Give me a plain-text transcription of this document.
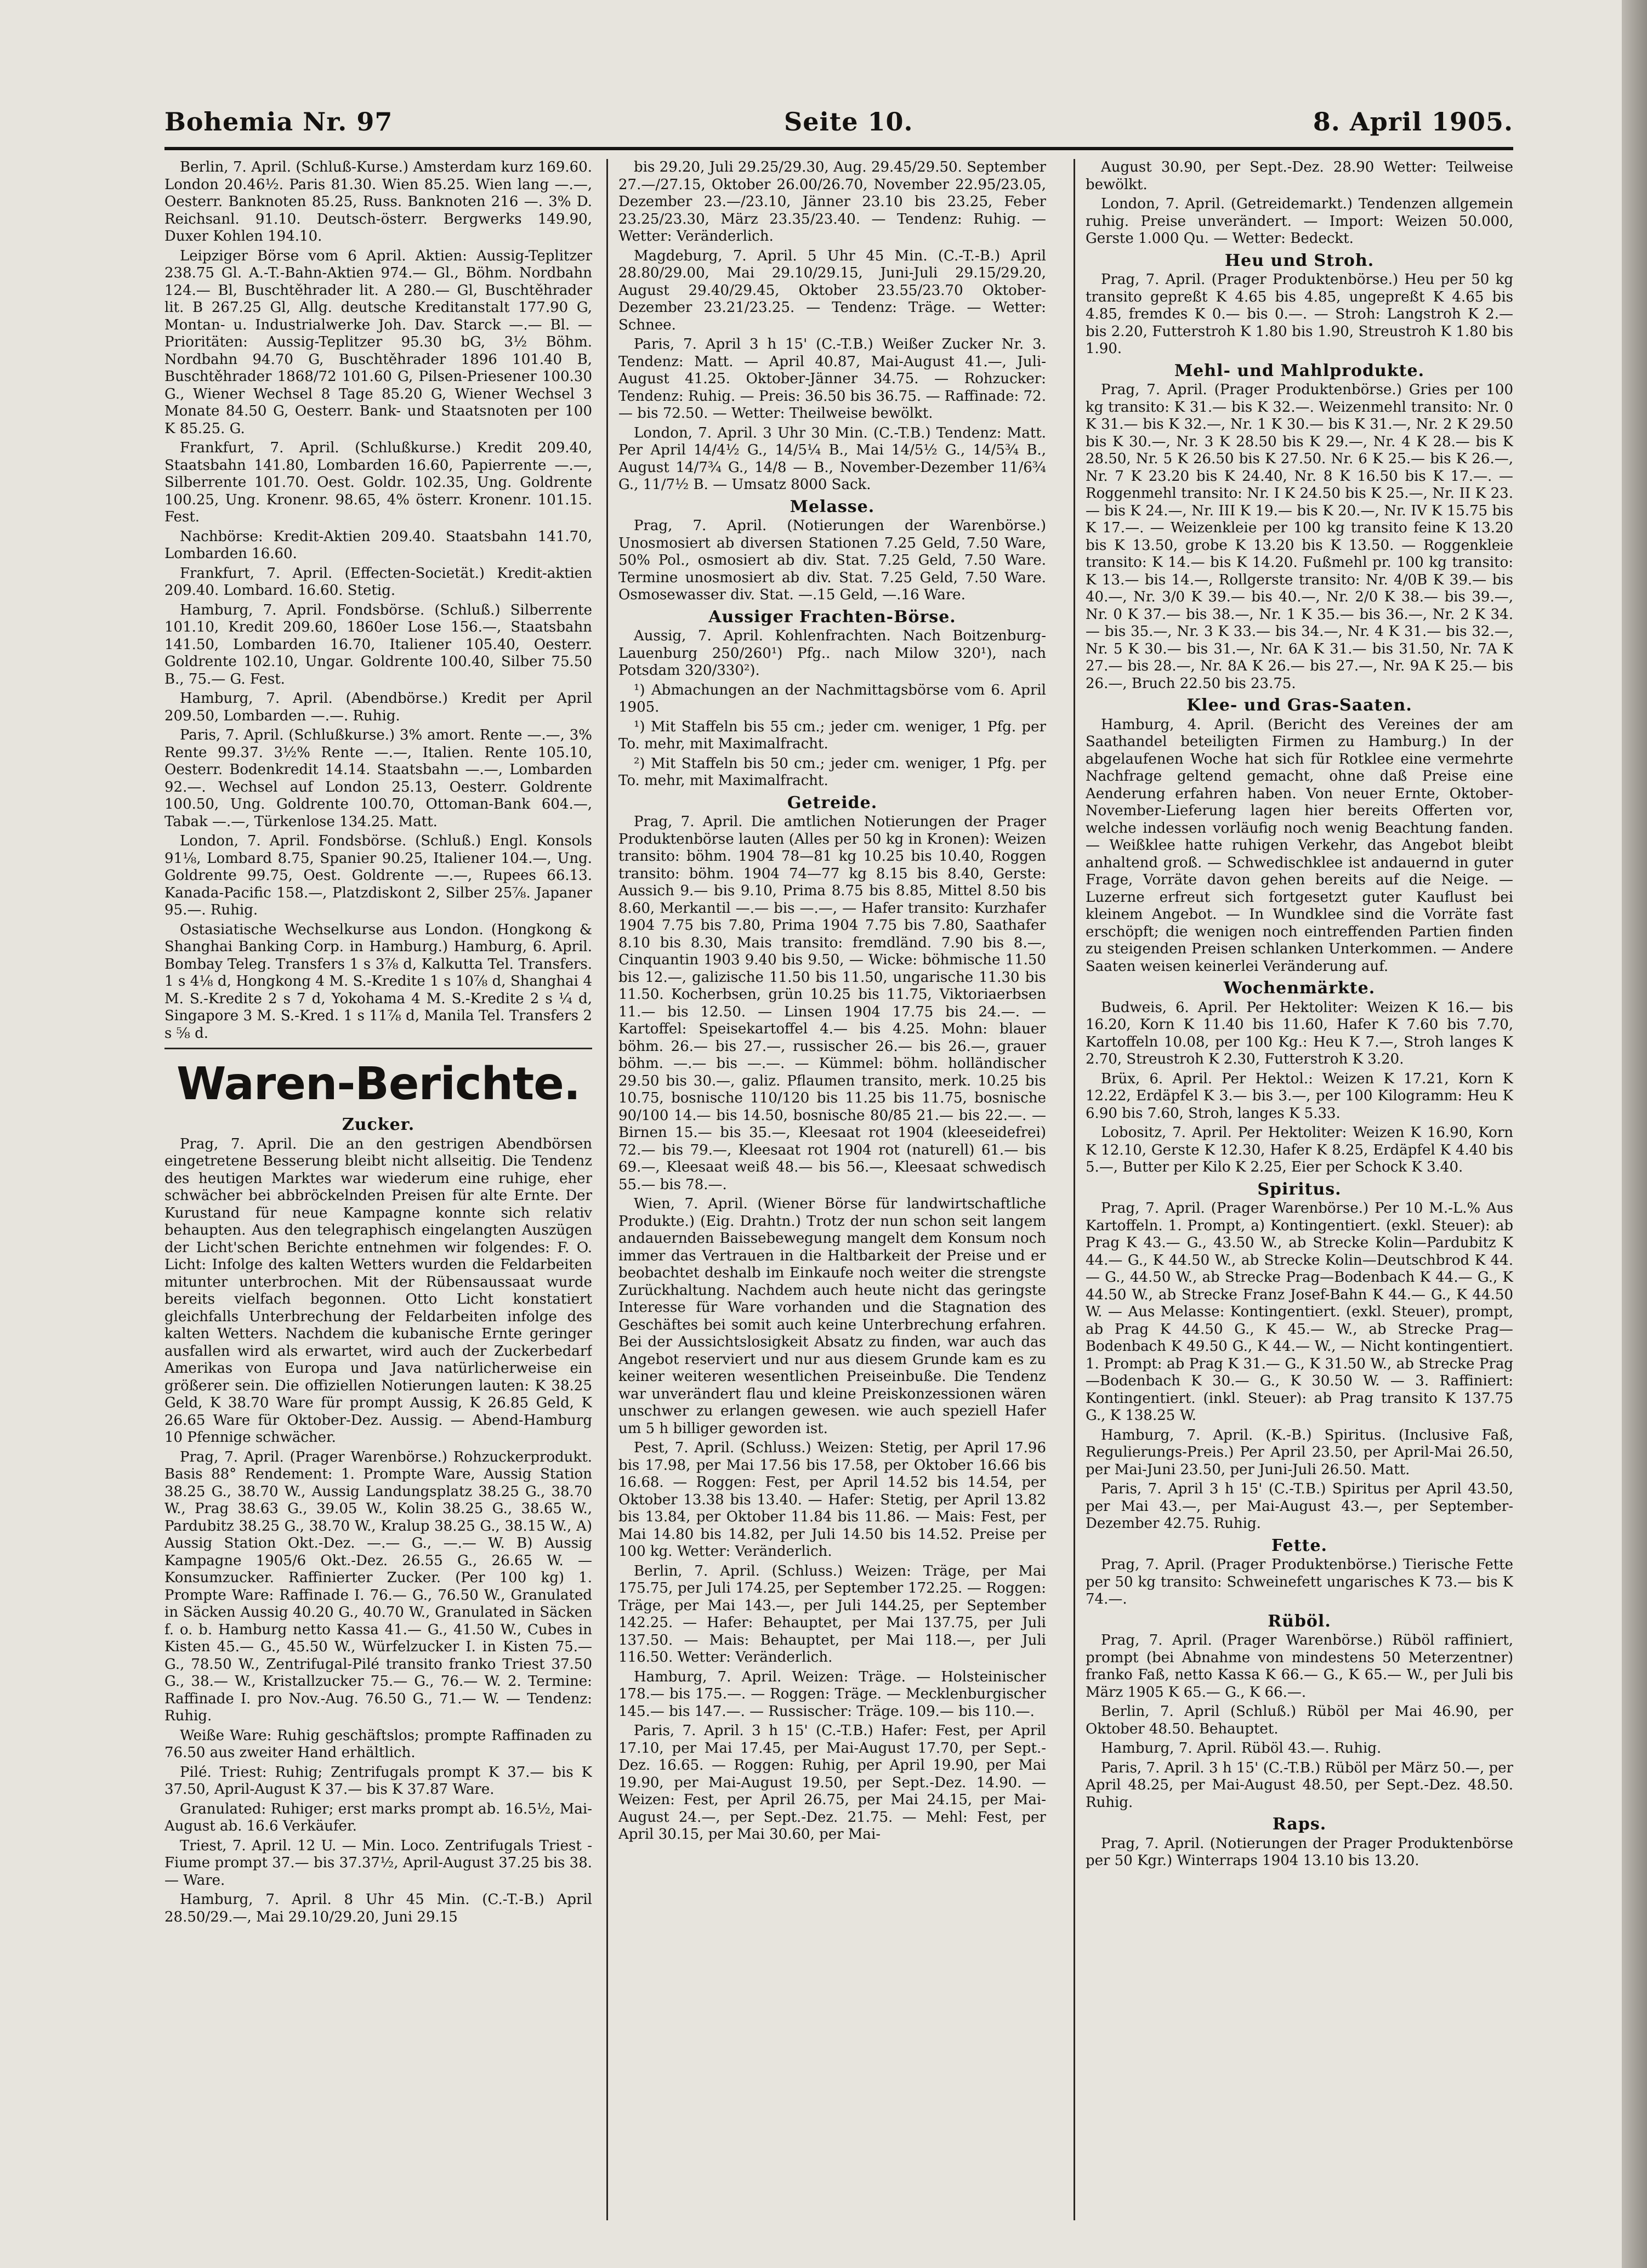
Bohemia Nr. 97	Seite 10.	8. April 1905.

Berlin, 7. April. (Schluß-Kurse.) Amsterdam kurz 169.60. London 20.46½. Paris 81.30. Wien 85.25. Wien lang —.—, Oesterr. Banknoten 85.25, Russ. Banknoten 216 —. 3% D. Reichsanl. 91.10. Deutsch-österr. Bergwerks 149.90, Duxer Kohlen 194.10.

Leipziger Börse vom 6 April. Aktien: Aussig-Teplitzer 238.75 Gl. A.-T.-Bahn-Aktien 974.— Gl., Böhm. Nordbahn 124.— Bl, Buschtěhrader lit. A 280.— Gl, Buschtěhrader lit. B 267.25 Gl, Allg. deutsche Kreditanstalt 177.90 G, Montan- u. Industrialwerke Joh. Dav. Starck —.— Bl. — Prioritäten: Aussig-Teplitzer 95.30 bG, 3½ Böhm. Nordbahn 94.70 G, Buschtěhrader 1896 101.40 B, Buschtěhrader 1868/72 101.60 G, Pilsen-Priesener 100.30 G., Wiener Wechsel 8 Tage 85.20 G, Wiener Wechsel 3 Monate 84.50 G, Oesterr. Bank- und Staatsnoten per 100 K 85.25. G.

Frankfurt, 7. April. (Schlußkurse.) Kredit 209.40, Staatsbahn 141.80, Lombarden 16.60, Papierrente —.—, Silberrente 101.70. Oest. Goldr. 102.35, Ung. Goldrente 100.25, Ung. Kronenr. 98.65, 4% österr. Kronenr. 101.15. Fest.

Nachbörse: Kredit-Aktien 209.40. Staatsbahn 141.70, Lombarden 16.60.

Frankfurt, 7. April. (Effecten-Societät.) Kredit-aktien 209.40. Lombard. 16.60. Stetig.

Hamburg, 7. April. Fondsbörse. (Schluß.) Silberrente 101.10, Kredit 209.60, 1860er Lose 156.—, Staatsbahn 141.50, Lombarden 16.70, Italiener 105.40, Oesterr. Goldrente 102.10, Ungar. Goldrente 100.40, Silber 75.50 B., 75.— G. Fest.

Hamburg, 7. April. (Abendbörse.) Kredit per April 209.50, Lombarden —.—. Ruhig.

Paris, 7. April. (Schlußkurse.) 3% amort. Rente —.—, 3% Rente 99.37. 3½% Rente —.—, Italien. Rente 105.10, Oesterr. Bodenkredit 14.14. Staatsbahn —.—, Lombarden 92.—. Wechsel auf London 25.13, Oesterr. Goldrente 100.50, Ung. Goldrente 100.70, Ottoman-Bank 604.—, Tabak —.—, Türkenlose 134.25. Matt.

London, 7. April. Fondsbörse. (Schluß.) Engl. Konsols 91⅛, Lombard 8.75, Spanier 90.25, Italiener 104.—, Ung. Goldrente 99.75, Oest. Goldrente —.—, Rupees 66.13. Kanada-Pacific 158.—, Platzdiskont 2, Silber 25⅞. Japaner 95.—. Ruhig.

Ostasiatische Wechselkurse aus London. (Hongkong & Shanghai Banking Corp. in Hamburg.) Hamburg, 6. April. Bombay Teleg. Transfers 1 s 3⅞ d, Kalkutta Tel. Transfers. 1 s 4⅛ d, Hongkong 4 M. S.-Kredite 1 s 10⅞ d, Shanghai 4 M. S.-Kredite 2 s 7 d, Yokohama 4 M. S.-Kredite 2 s ¼ d, Singapore 3 M. S.-Kred. 1 s 11⅞ d, Manila Tel. Transfers 2 s ⅝ d.

Waren-Berichte.
Zucker.

Prag, 7. April. Die an den gestrigen Abendbörsen eingetretene Besserung bleibt nicht allseitig. Die Tendenz des heutigen Marktes war wiederum eine ruhige, eher schwächer bei abbröckelnden Preisen für alte Ernte. Der Kurustand für neue Kampagne konnte sich relativ behaupten. Aus den telegraphisch eingelangten Auszügen der Licht'schen Berichte entnehmen wir folgendes: F. O. Licht: Infolge des kalten Wetters wurden die Feldarbeiten mitunter unterbrochen. Mit der Rübensaussaat wurde bereits vielfach begonnen. Otto Licht konstatiert gleichfalls Unterbrechung der Feldarbeiten infolge des kalten Wetters. Nachdem die kubanische Ernte geringer ausfallen wird als erwartet, wird auch der Zuckerbedarf Amerikas von Europa und Java natürlicherweise ein größerer sein. Die offiziellen Notierungen lauten: K 38.25 Geld, K 38.70 Ware für prompt Aussig, K 26.85 Geld, K 26.65 Ware für Oktober-Dez. Aussig. — Abend-Hamburg 10 Pfennige schwächer.

Prag, 7. April. (Prager Warenbörse.) Rohzuckerprodukt. Basis 88° Rendement: 1. Prompte Ware, Aussig Station 38.25 G., 38.70 W., Aussig Landungsplatz 38.25 G., 38.70 W., Prag 38.63 G., 39.05 W., Kolin 38.25 G., 38.65 W., Pardubitz 38.25 G., 38.70 W., Kralup 38.25 G., 38.15 W., A) Aussig Station Okt.-Dez. —.— G., —.— W. B) Aussig Kampagne 1905/6 Okt.-Dez. 26.55 G., 26.65 W. — Konsumzucker. Raffinierter Zucker. (Per 100 kg) 1. Prompte Ware: Raffinade I. 76.— G., 76.50 W., Granulated in Säcken Aussig 40.20 G., 40.70 W., Granulated in Säcken f. o. b. Hamburg netto Kassa 41.— G., 41.50 W., Cubes in Kisten 45.— G., 45.50 W., Würfelzucker I. in Kisten 75.— G., 78.50 W., Zentrifugal-Pilé transito franko Triest 37.50 G., 38.— W., Kristallzucker 75.— G., 76.— W. 2. Termine: Raffinade I. pro Nov.-Aug. 76.50 G., 71.— W. — Tendenz: Ruhig.

Weiße Ware: Ruhig geschäftslos; prompte Raffinaden zu 76.50 aus zweiter Hand erhältlich.

Pilé. Triest: Ruhig; Zentrifugals prompt K 37.— bis K 37.50, April-August K 37.— bis K 37.87 Ware.

Granulated: Ruhiger; erst marks prompt ab. 16.5½, Mai-August ab. 16.6 Verkäufer.

Triest, 7. April. 12 U. — Min. Loco. Zentrifugals Triest - Fiume prompt 37.— bis 37.37½, April-August 37.25 bis 38.— Ware.

Hamburg, 7. April. 8 Uhr 45 Min. (C.-T.-B.) April 28.50/29.—, Mai 29.10/29.20, Juni 29.15

bis 29.20, Juli 29.25/29.30, Aug. 29.45/29.50. September 27.—/27.15, Oktober 26.00/26.70, November 22.95/23.05, Dezember 23.—/23.10, Jänner 23.10 bis 23.25, Feber 23.25/23.30, März 23.35/23.40. — Tendenz: Ruhig. — Wetter: Veränderlich.

Magdeburg, 7. April. 5 Uhr 45 Min. (C.-T.-B.) April 28.80/29.00, Mai 29.10/29.15, Juni-Juli 29.15/29.20, August 29.40/29.45, Oktober 23.55/23.70 Oktober-Dezember 23.21/23.25. — Tendenz: Träge. — Wetter: Schnee.

Paris, 7. April 3 h 15' (C.-T.B.) Weißer Zucker Nr. 3. Tendenz: Matt. — April 40.87, Mai-August 41.—, Juli-August 41.25. Oktober-Jänner 34.75. — Rohzucker: Tendenz: Ruhig. — Preis: 36.50 bis 36.75. — Raffinade: 72.— bis 72.50. — Wetter: Theilweise bewölkt.

London, 7. April. 3 Uhr 30 Min. (C.-T.B.) Tendenz: Matt. Per April 14/4½ G., 14/5¼ B., Mai 14/5½ G., 14/5¾ B., August 14/7¾ G., 14/8 — B., November-Dezember 11/6¾ G., 11/7½ B. — Umsatz 8000 Sack.

Melasse.

Prag, 7. April. (Notierungen der Warenbörse.) Unosmosiert ab diversen Stationen 7.25 Geld, 7.50 Ware, 50% Pol., osmosiert ab div. Stat. 7.25 Geld, 7.50 Ware. Termine unosmosiert ab div. Stat. 7.25 Geld, 7.50 Ware. Osmosewasser div. Stat. —.15 Geld, —.16 Ware.

Aussiger Frachten-Börse.

Aussig, 7. April. Kohlenfrachten. Nach Boitzenburg-Lauenburg 250/260¹) Pfg.. nach Milow 320¹), nach Potsdam 320/330²).

¹) Abmachungen an der Nachmittagsbörse vom 6. April 1905.

¹) Mit Staffeln bis 55 cm.; jeder cm. weniger, 1 Pfg. per To. mehr, mit Maximalfracht.

²) Mit Staffeln bis 50 cm.; jeder cm. weniger, 1 Pfg. per To. mehr, mit Maximalfracht.

Getreide.

Prag, 7. April. Die amtlichen Notierungen der Prager Produktenbörse lauten (Alles per 50 kg in Kronen): Weizen transito: böhm. 1904 78—81 kg 10.25 bis 10.40, Roggen transito: böhm. 1904 74—77 kg 8.15 bis 8.40, Gerste: Aussich 9.— bis 9.10, Prima 8.75 bis 8.85, Mittel 8.50 bis 8.60, Merkantil —.— bis —.—, — Hafer transito: Kurzhafer 1904 7.75 bis 7.80, Prima 1904 7.75 bis 7.80, Saathafer 8.10 bis 8.30, Mais transito: fremdländ. 7.90 bis 8.—, Cinquantin 1903 9.40 bis 9.50, — Wicke: böhmische 11.50 bis 12.—, galizische 11.50 bis 11.50, ungarische 11.30 bis 11.50. Kocherbsen, grün 10.25 bis 11.75, Viktoriaerbsen 11.— bis 12.50. — Linsen 1904 17.75 bis 24.—. — Kartoffel: Speisekartoffel 4.— bis 4.25. Mohn: blauer böhm. 26.— bis 27.—, russischer 26.— bis 26.—, grauer böhm. —.— bis —.—. — Kümmel: böhm. holländischer 29.50 bis 30.—, galiz. Pflaumen transito, merk. 10.25 bis 10.75, bosnische 110/120 bis 11.25 bis 11.75, bosnische 90/100 14.— bis 14.50, bosnische 80/85 21.— bis 22.—. — Birnen 15.— bis 35.—, Kleesaat rot 1904 (kleeseidefrei) 72.— bis 79.—, Kleesaat rot 1904 rot (naturell) 61.— bis 69.—, Kleesaat weiß 48.— bis 56.—, Kleesaat schwedisch 55.— bis 78.—.

Wien, 7. April. (Wiener Börse für landwirtschaftliche Produkte.) (Eig. Drahtn.) Trotz der nun schon seit langem andauernden Baissebewegung mangelt dem Konsum noch immer das Vertrauen in die Haltbarkeit der Preise und er beobachtet deshalb im Einkaufe noch weiter die strengste Zurückhaltung. Nachdem auch heute nicht das geringste Interesse für Ware vorhanden und die Stagnation des Geschäftes bei somit auch keine Unterbrechung erfahren. Bei der Aussichtslosigkeit Absatz zu finden, war auch das Angebot reserviert und nur aus diesem Grunde kam es zu keiner weiteren wesentlichen Preiseinbuße. Die Tendenz war unverändert flau und kleine Preiskonzessionen wären unschwer zu erlangen gewesen. wie auch speziell Hafer um 5 h billiger geworden ist.

Pest, 7. April. (Schluss.) Weizen: Stetig, per April 17.96 bis 17.98, per Mai 17.56 bis 17.58, per Oktober 16.66 bis 16.68. — Roggen: Fest, per April 14.52 bis 14.54, per Oktober 13.38 bis 13.40. — Hafer: Stetig, per April 13.82 bis 13.84, per Oktober 11.84 bis 11.86. — Mais: Fest, per Mai 14.80 bis 14.82, per Juli 14.50 bis 14.52. Preise per 100 kg. Wetter: Veränderlich.

Berlin, 7. April. (Schluss.) Weizen: Träge, per Mai 175.75, per Juli 174.25, per September 172.25. — Roggen: Träge, per Mai 143.—, per Juli 144.25, per September 142.25. — Hafer: Behauptet, per Mai 137.75, per Juli 137.50. — Mais: Behauptet, per Mai 118.—, per Juli 116.50. Wetter: Veränderlich.

Hamburg, 7. April. Weizen: Träge. — Holsteinischer 178.— bis 175.—. — Roggen: Träge. — Mecklenburgischer 145.— bis 147.—. — Russischer: Träge. 109.— bis 110.—.

Paris, 7. April. 3 h 15' (C.-T.B.) Hafer: Fest, per April 17.10, per Mai 17.45, per Mai-August 17.70, per Sept.-Dez. 16.65. — Roggen: Ruhig, per April 19.90, per Mai 19.90, per Mai-August 19.50, per Sept.-Dez. 14.90. — Weizen: Fest, per April 26.75, per Mai 24.15, per Mai-August 24.—, per Sept.-Dez. 21.75. — Mehl: Fest, per April 30.15, per Mai 30.60, per Mai-

August 30.90, per Sept.-Dez. 28.90 Wetter: Teilweise bewölkt.

London, 7. April. (Getreidemarkt.) Tendenzen allgemein ruhig. Preise unverändert. — Import: Weizen 50.000, Gerste 1.000 Qu. — Wetter: Bedeckt.

Heu und Stroh.

Prag, 7. April. (Prager Produktenbörse.) Heu per 50 kg transito gepreßt K 4.65 bis 4.85, ungepreßt K 4.65 bis 4.85, fremdes K 0.— bis 0.—. — Stroh: Langstroh K 2.— bis 2.20, Futterstroh K 1.80 bis 1.90, Streustroh K 1.80 bis 1.90.

Mehl- und Mahlprodukte.

Prag, 7. April. (Prager Produktenbörse.) Gries per 100 kg transito: K 31.— bis K 32.—. Weizenmehl transito: Nr. 0 K 31.— bis K 32.—, Nr. 1 K 30.— bis K 31.—, Nr. 2 K 29.50 bis K 30.—, Nr. 3 K 28.50 bis K 29.—, Nr. 4 K 28.— bis K 28.50, Nr. 5 K 26.50 bis K 27.50. Nr. 6 K 25.— bis K 26.—, Nr. 7 K 23.20 bis K 24.40, Nr. 8 K 16.50 bis K 17.—. — Roggenmehl transito: Nr. I K 24.50 bis K 25.—, Nr. II K 23.— bis K 24.—, Nr. III K 19.— bis K 20.—, Nr. IV K 15.75 bis K 17.—. — Weizenkleie per 100 kg transito feine K 13.20 bis K 13.50, grobe K 13.20 bis K 13.50. — Roggenkleie transito: K 14.— bis K 14.20. Fußmehl pr. 100 kg transito: K 13.— bis 14.—, Rollgerste transito: Nr. 4/0B K 39.— bis 40.—, Nr. 3/0 K 39.— bis 40.—, Nr. 2/0 K 38.— bis 39.—, Nr. 0 K 37.— bis 38.—, Nr. 1 K 35.— bis 36.—, Nr. 2 K 34.— bis 35.—, Nr. 3 K 33.— bis 34.—, Nr. 4 K 31.— bis 32.—, Nr. 5 K 30.— bis 31.—, Nr. 6A K 31.— bis 31.50, Nr. 7A K 27.— bis 28.—, Nr. 8A K 26.— bis 27.—, Nr. 9A K 25.— bis 26.—, Bruch 22.50 bis 23.75.

Klee- und Gras-Saaten.

Hamburg, 4. April. (Bericht des Vereines der am Saathandel beteiligten Firmen zu Hamburg.) In der abgelaufenen Woche hat sich für Rotklee eine vermehrte Nachfrage geltend gemacht, ohne daß Preise eine Aenderung erfahren haben. Von neuer Ernte, Oktober-November-Lieferung lagen hier bereits Offerten vor, welche indessen vorläufig noch wenig Beachtung fanden. — Weißklee hatte ruhigen Verkehr, das Angebot bleibt anhaltend groß. — Schwedischklee ist andauernd in guter Frage, Vorräte davon gehen bereits auf die Neige. — Luzerne erfreut sich fortgesetzt guter Kauflust bei kleinem Angebot. — In Wundklee sind die Vorräte fast erschöpft; die wenigen noch eintreffenden Partien finden zu steigenden Preisen schlanken Unterkommen. — Andere Saaten weisen keinerlei Veränderung auf.

Wochenmärkte.

Budweis, 6. April. Per Hektoliter: Weizen K 16.— bis 16.20, Korn K 11.40 bis 11.60, Hafer K 7.60 bis 7.70, Kartoffeln 10.08, per 100 Kg.: Heu K 7.—, Stroh langes K 2.70, Streustroh K 2.30, Futterstroh K 3.20.

Brüx, 6. April. Per Hektol.: Weizen K 17.21, Korn K 12.22, Erdäpfel K 3.— bis 3.—, per 100 Kilogramm: Heu K 6.90 bis 7.60, Stroh, langes K 5.33.

Lobositz, 7. April. Per Hektoliter: Weizen K 16.90, Korn K 12.10, Gerste K 12.30, Hafer K 8.25, Erdäpfel K 4.40 bis 5.—, Butter per Kilo K 2.25, Eier per Schock K 3.40.

Spiritus.

Prag, 7. April. (Prager Warenbörse.) Per 10 M.-L.% Aus Kartoffeln. 1. Prompt, a) Kontingentiert. (exkl. Steuer): ab Prag K 43.— G., 43.50 W., ab Strecke Kolin—Pardubitz K 44.— G., K 44.50 W., ab Strecke Kolin—Deutschbrod K 44.— G., 44.50 W., ab Strecke Prag—Bodenbach K 44.— G., K 44.50 W., ab Strecke Franz Josef-Bahn K 44.— G., K 44.50 W. — Aus Melasse: Kontingentiert. (exkl. Steuer), prompt, ab Prag K 44.50 G., K 45.— W., ab Strecke Prag—Bodenbach K 49.50 G., K 44.— W., — Nicht kontingentiert. 1. Prompt: ab Prag K 31.— G., K 31.50 W., ab Strecke Prag—Bodenbach K 30.— G., K 30.50 W. — 3. Raffiniert: Kontingentiert. (inkl. Steuer): ab Prag transito K 137.75 G., K 138.25 W.

Hamburg, 7. April. (K.-B.) Spiritus. (Inclusive Faß, Regulierungs-Preis.) Per April 23.50, per April-Mai 26.50, per Mai-Juni 23.50, per Juni-Juli 26.50. Matt.

Paris, 7. April 3 h 15' (C.-T.B.) Spiritus per April 43.50, per Mai 43.—, per Mai-August 43.—, per September-Dezember 42.75. Ruhig.

Fette.

Prag, 7. April. (Prager Produktenbörse.) Tierische Fette per 50 kg transito: Schweinefett ungarisches K 73.— bis K 74.—.

Rüböl.

Prag, 7. April. (Prager Warenbörse.) Rüböl raffiniert, prompt (bei Abnahme von mindestens 50 Meterzentner) franko Faß, netto Kassa K 66.— G., K 65.— W., per Juli bis März 1905 K 65.— G., K 66.—.

Berlin, 7. April (Schluß.) Rüböl per Mai 46.90, per Oktober 48.50. Behauptet.

Hamburg, 7. April. Rüböl 43.—. Ruhig.

Paris, 7. April. 3 h 15' (C.-T.B.) Rüböl per März 50.—, per April 48.25, per Mai-August 48.50, per Sept.-Dez. 48.50. Ruhig.

Raps.

Prag, 7. April. (Notierungen der Prager Produktenbörse per 50 Kgr.) Winterraps 1904 13.10 bis 13.20.
